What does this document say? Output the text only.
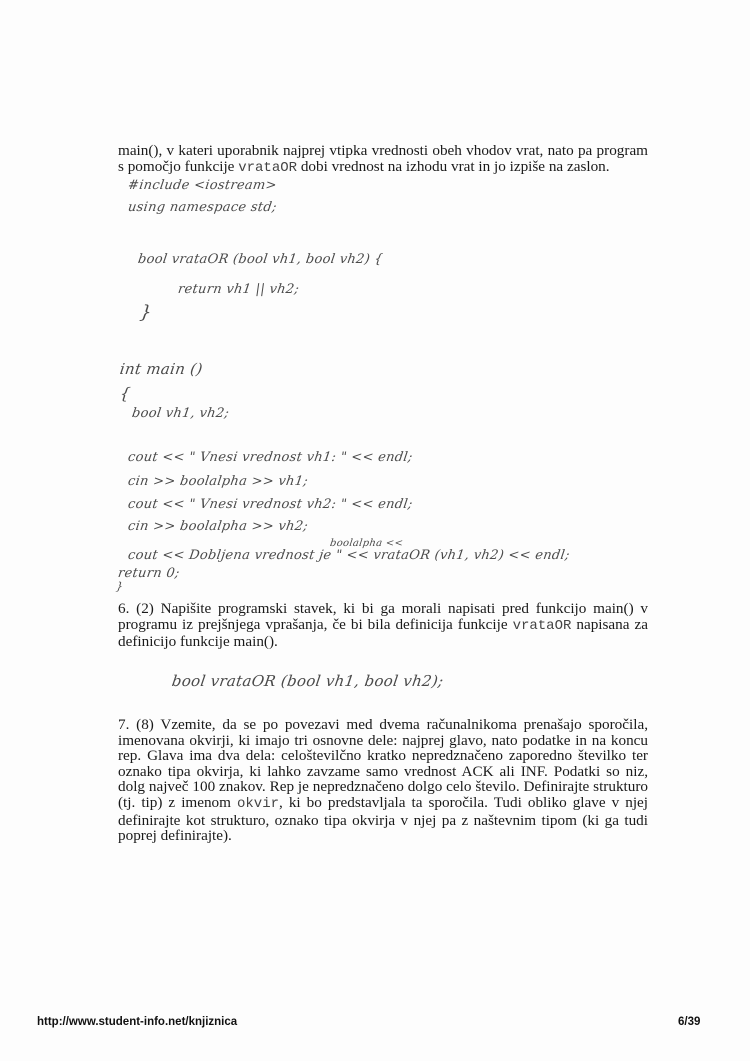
main(), v kateri uporabnik najprej vtipka vrednosti obeh vhodov vrat, nato pa program s pomočjo funkcije vrataOR dobi vrednost na izhodu vrat in jo izpiše na zaslon.
#include <iostream>
using namespace std;
bool vrataOR (bool vh1, bool vh2) {
return vh1 || vh2;
}
int main ()
{
bool vh1, vh2;
cout << " Vnesi vrednost vh1: " << endl;
cin >> boolalpha >> vh1;
cout << " Vnesi vrednost vh2: " << endl;
cin >> boolalpha >> vh2;
boolalpha <<
cout << Dobljena vrednost je " << vrataOR (vh1, vh2) << endl;
return 0;
}
6. (2) Napišite programski stavek, ki bi ga morali napisati pred funkcijo main() v programu iz prejšnjega vprašanja, če bi bila definicija funkcije vrataOR napisana za definicijo funkcije main().
bool vrataOR (bool vh1, bool vh2);
7. (8) Vzemite, da se po povezavi med dvema računalnikoma prenašajo sporočila, imenovana okvirji, ki imajo tri osnovne dele: najprej glavo, nato podatke in na koncu rep. Glava ima dva dela: celoštevilčno kratko nepredznačeno zaporedno številko ter oznako tipa okvirja, ki lahko zavzame samo vrednost ACK ali INF. Podatki so niz, dolg največ 100 znakov. Rep je nepredznačeno dolgo celo število. Definirajte strukturo (tj. tip) z imenom okvir, ki bo predstavljala ta sporočila. Tudi obliko glave v njej definirajte kot strukturo, oznako tipa okvirja v njej pa z naštevnim tipom (ki ga tudi poprej definirajte).
http://www.student-info.net/knjiznica	6/39
